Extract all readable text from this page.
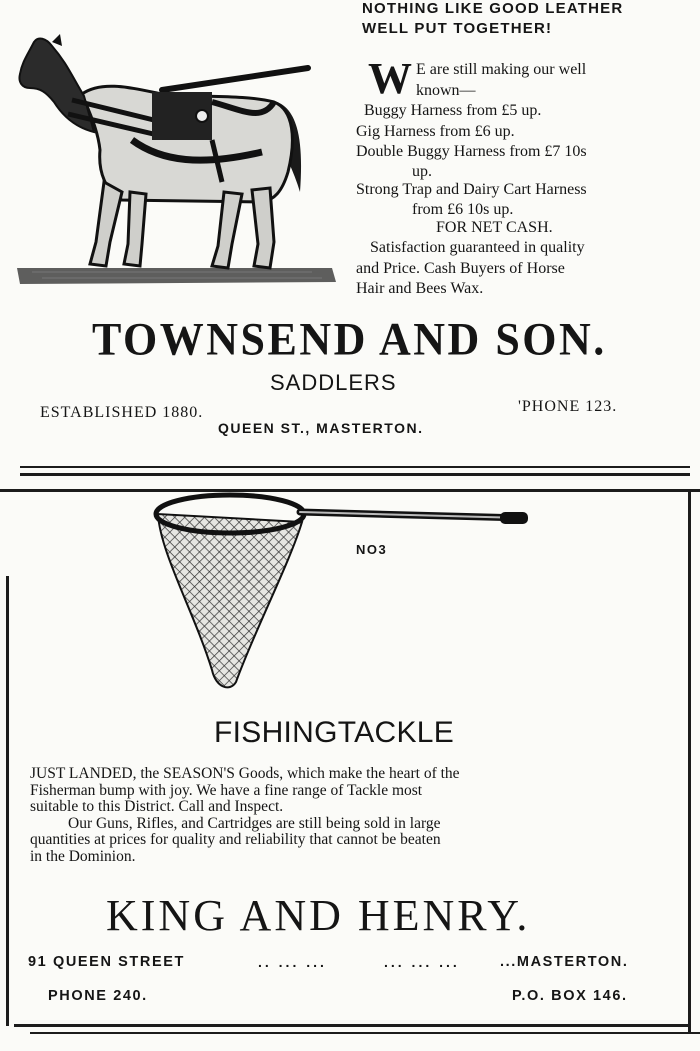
NOTHING LIKE GOOD LEATHER
WELL PUT TOGETHER!
W E are still making our well
known—
Buggy Harness from £5 up.
Gig Harness from £6 up.
Double Buggy Harness from £7 10s
up.
Strong Trap and Dairy Cart Harness
from £6 10s up.
FOR NET CASH.
Satisfaction guaranteed in quality
and Price. Cash Buyers of Horse
Hair and Bees Wax.
TOWNSEND AND SON.
SADDLERS
ESTABLISHED 1880.	'PHONE 123.
QUEEN ST., MASTERTON.
NO3
FISHINGTACKLE
JUST LANDED, the SEASON'S Goods, which make the heart of the
Fisherman bump with joy. We have a fine range of Tackle most
suitable to this District. Call and Inspect.
Our Guns, Rifles, and Cartridges are still being sold in large
quantities at prices for quality and reliability that cannot be beaten
in the Dominion.
KING AND HENRY.
91 QUEEN STREET	.. ... ...	... ... ...	...MASTERTON.
PHONE 240.	P.O. BOX 146.
